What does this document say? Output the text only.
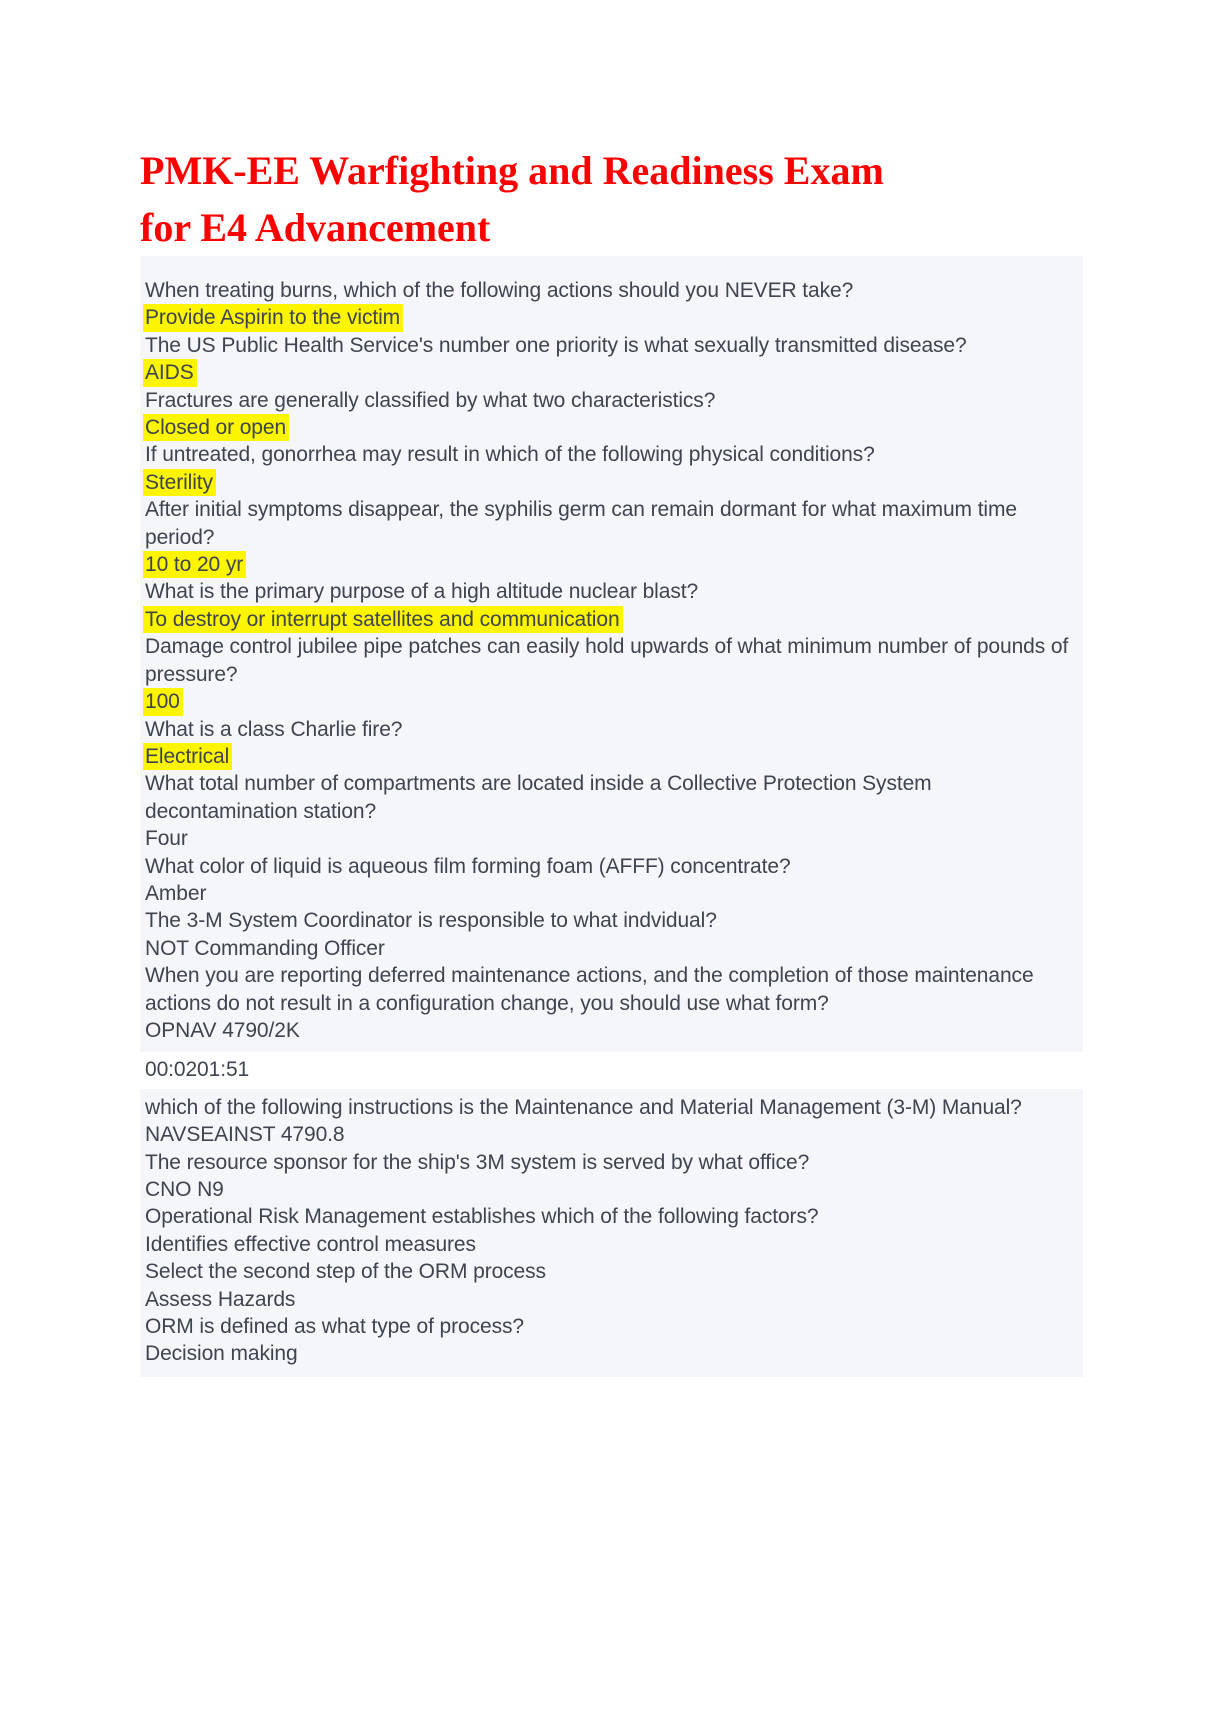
PMK-EE Warfighting and Readiness Exam
for E4 Advancement
When treating burns, which of the following actions should you NEVER take?
Provide Aspirin to the victim
The US Public Health Service's number one priority is what sexually transmitted disease?
AIDS
Fractures are generally classified by what two characteristics?
Closed or open
If untreated, gonorrhea may result in which of the following physical conditions?
Sterility
After initial symptoms disappear, the syphilis germ can remain dormant for what maximum time period?
10 to 20 yr
What is the primary purpose of a high altitude nuclear blast?
To destroy or interrupt satellites and communication
Damage control jubilee pipe patches can easily hold upwards of what minimum number of pounds of pressure?
100
What is a class Charlie fire?
Electrical
What total number of compartments are located inside a Collective Protection System decontamination station?
Four
What color of liquid is aqueous film forming foam (AFFF) concentrate?
Amber
The 3-M System Coordinator is responsible to what indvidual?
NOT Commanding Officer
When you are reporting deferred maintenance actions, and the completion of those maintenance actions do not result in a configuration change, you should use what form?
OPNAV 4790/2K
00:0201:51
which of the following instructions is the Maintenance and Material Management (3-M) Manual?
NAVSEAINST 4790.8
The resource sponsor for the ship's 3M system is served by what office?
CNO N9
Operational Risk Management establishes which of the following factors?
Identifies effective control measures
Select the second step of the ORM process
Assess Hazards
ORM is defined as what type of process?
Decision making
